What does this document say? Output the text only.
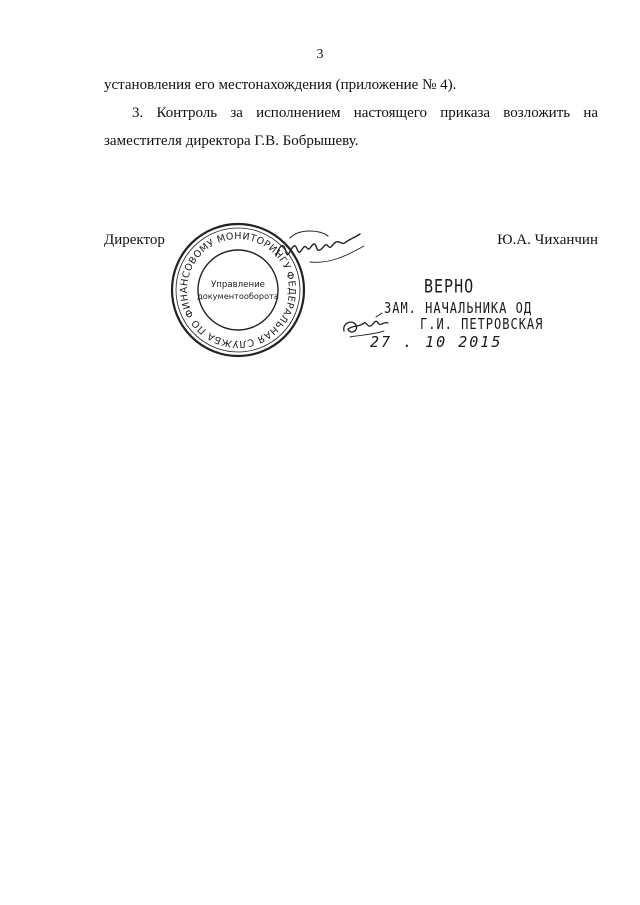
3

установления его местонахождения (приложение № 4).

3. Контроль за исполнением настоящего приказа возложить на

заместителя директора Г.В. Бобрышеву.

Директор	Ю.А. Чиханчин
ФЕДЕРАЛЬНАЯ СЛУЖБА ПО ФИНАНСОВОМУ МОНИТОРИНГУ
Управление
документооборота	ВЕРНО
ЗАМ. НАЧАЛЬНИКА ОД
Г.И. ПЕТРОВСКАЯ
27 . 10 2015
